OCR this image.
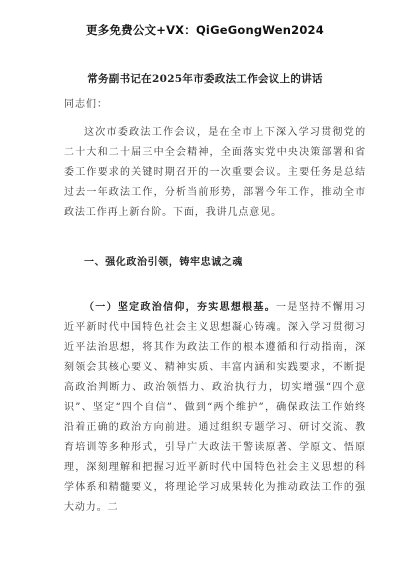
更多免费公文+VX：QiGeGongWen2024
常务副书记在2025年市委政法工作会议上的讲话
同志们：
这次市委政法工作会议，是在全市上下深入学习贯彻党的二十大和二十届三中全会精神，全面落实党中央决策部署和省委工作要求的关键时期召开的一次重要会议。主要任务是总结过去一年政法工作，分析当前形势，部署今年工作，推动全市政法工作再上新台阶。下面，我讲几点意见。
一、强化政治引领，铸牢忠诚之魂
（一）坚定政治信仰，夯实思想根基。一是坚持不懈用习近平新时代中国特色社会主义思想凝心铸魂。深入学习贯彻习近平法治思想，将其作为政法工作的根本遵循和行动指南，深刻领会其核心要义、精神实质、丰富内涵和实践要求，不断提高政治判断力、政治领悟力、政治执行力，切实增强“四个意识”、坚定“四个自信”、做到“两个维护”，确保政法工作始终沿着正确的政治方向前进。通过组织专题学习、研讨交流、教育培训等多种形式，引导广大政法干警读原著、学原文、悟原理，深刻理解和把握习近平新时代中国特色社会主义思想的科学体系和精髓要义，将理论学习成果转化为推动政法工作的强大动力。二
